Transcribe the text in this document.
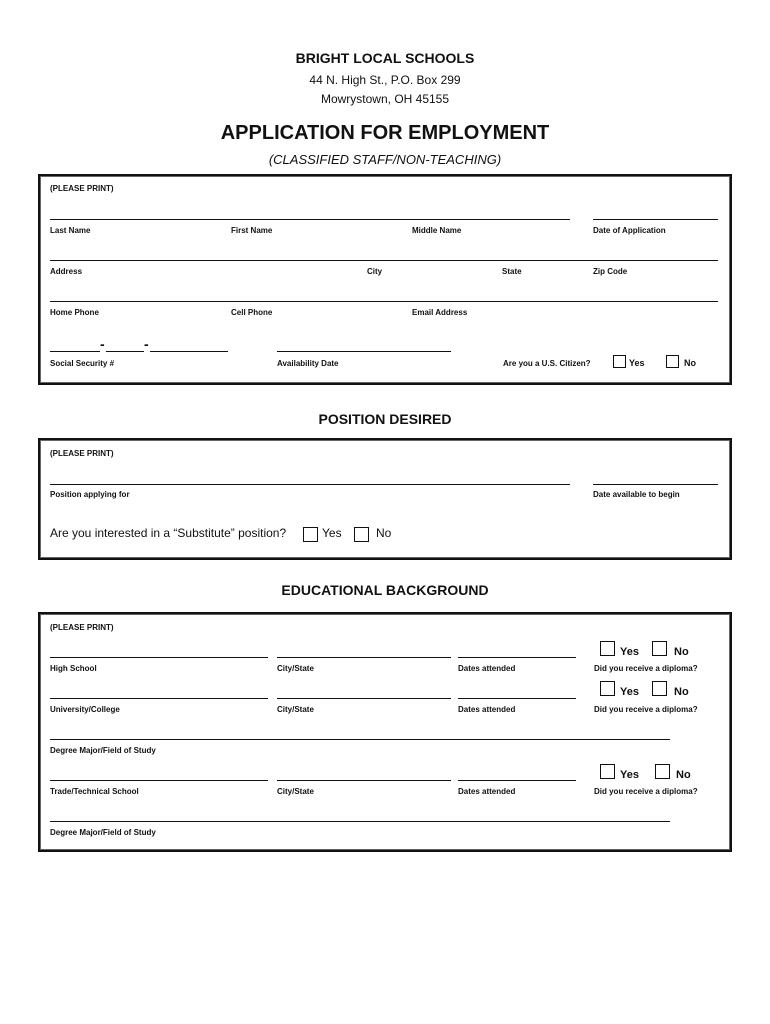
BRIGHT LOCAL SCHOOLS
44 N. High St., P.O. Box 299
Mowrystown, OH 45155
APPLICATION FOR EMPLOYMENT
(CLASSIFIED STAFF/NON-TEACHING)
(PLEASE PRINT)
Last Name	First Name	Middle Name	Date of Application
Address	City	State	Zip Code
Home Phone	Cell Phone	Email Address
-	-
Social Security #	Availability Date	Are you a U.S. Citizen?	Yes	No
POSITION DESIRED
(PLEASE PRINT)
Position applying for	Date available to begin
Are you interested in a “Substitute” position?	Yes	No
EDUCATIONAL BACKGROUND
(PLEASE PRINT)
Yes	No
High School	City/State	Dates attended	Did you receive a diploma?
Yes	No
University/College	City/State	Dates attended	Did you receive a diploma?
Degree Major/Field of Study
Yes	No
Trade/Technical School	City/State	Dates attended	Did you receive a diploma?
Degree Major/Field of Study
